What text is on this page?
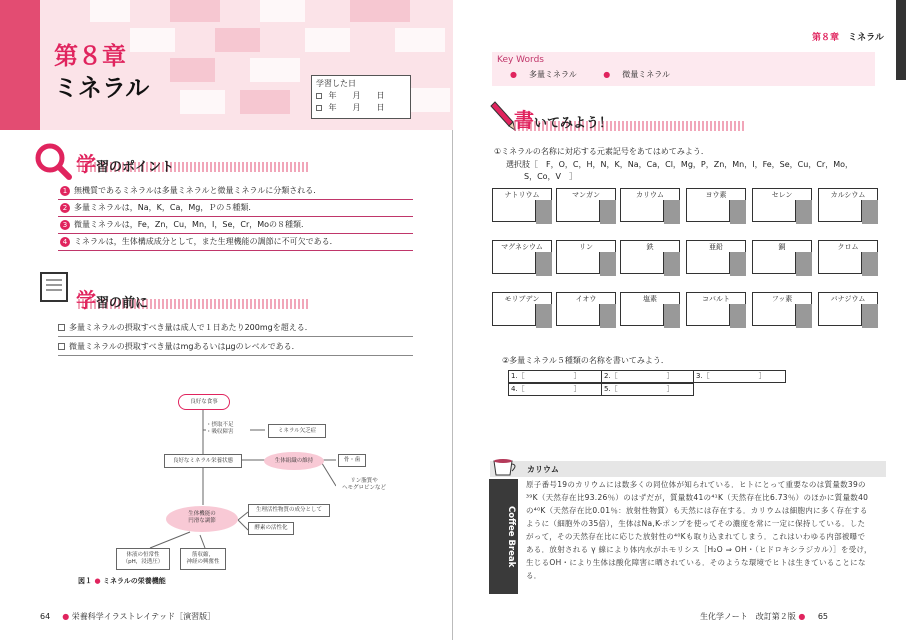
第８章
ミネラル	学習した日
年　　月　　日
年　　月　　日
学習のポイント
1 無機質であるミネラルは多量ミネラルと微量ミネラルに分類される．
2 多量ミネラルは，Na，K，Ca，Mg，Ｐの５種類．
3 微量ミネラルは，Fe，Zn，Cu，Mn，I，Se，Cr，Moの８種類．
4 ミネラルは，生体構成成分として，また生理機能の調節に不可欠である．
学習の前に
多量ミネラルの摂取すべき量は成人で１日あたり200mgを超える．
微量ミネラルの摂取すべき量はmgあるいはμgのレベルである．
良好な食事
・摂取不足
・吸収障害	ミネラル欠乏症
良好なミネラル栄養状態	生体組織の維持	骨・歯
リン脂質や
ヘモグロビンなど
生体機能の
円滑な調節
生理活性物質の成分として
酵素の活性化
体液の恒常性
（pH，浸透圧）
筋収縮，
神経の興奮性
図１ ● ミネラルの栄養機能
64 ● 栄養科学イラストレイテッド［演習版］
第８章 ミネラル
Key Words
● 多量ミネラル	● 微量ミネラル
書いてみよう！
①ミネラルの名称に対応する元素記号をあてはめてみよう．
選択肢［　F，O，C，H，N，K，Na，Ca，Cl，Mg，P，Zn，Mn，I，Fe，Se，Cu，Cr，Mo，
S，Co，V　］
ナトリウム	マンガン	カリウム	ヨウ素	セレン	カルシウム
マグネシウム	リン	鉄	亜鉛	銅	クロム
モリブデン	イオウ	塩素	コバルト	フッ素	バナジウム
②多量ミネラル５種類の名称を書いてみよう．
1.［　　　　　　　］	2.［　　　　　　　］	3.［　　　　　　　］
4.［　　　　　　　］	5.［　　　　　　　］
カリウム
Coffee Break
原子番号19のカリウムには数多くの同位体が知られている．ヒトにとって重要なのは質量数39の³⁹K（天然存在比93.26％）のはずだが，質量数41の⁴¹K（天然存在比6.73％）のほかに質量数40の⁴⁰K（天然存在比0.01％：放射性物質）も天然には存在する．カリウムは細胞内に多く存在するように（細胞外の35倍），生体はNa,K-ポンプを使ってその濃度を常に一定に保持している．したがって，その天然存在比に応じた放射性の⁴⁰Kも取り込まれてしまう．これはいわゆる内部被曝である．放射される γ 線により体内水がホモリシス［H₂O ⇒ OH・（ヒドロキシラジカル）］を受け，生じるOH・により生体は酸化障害に晒されている．そのような環境でヒトは生きていることになる．
生化学ノート　改訂第２版 ● 65
